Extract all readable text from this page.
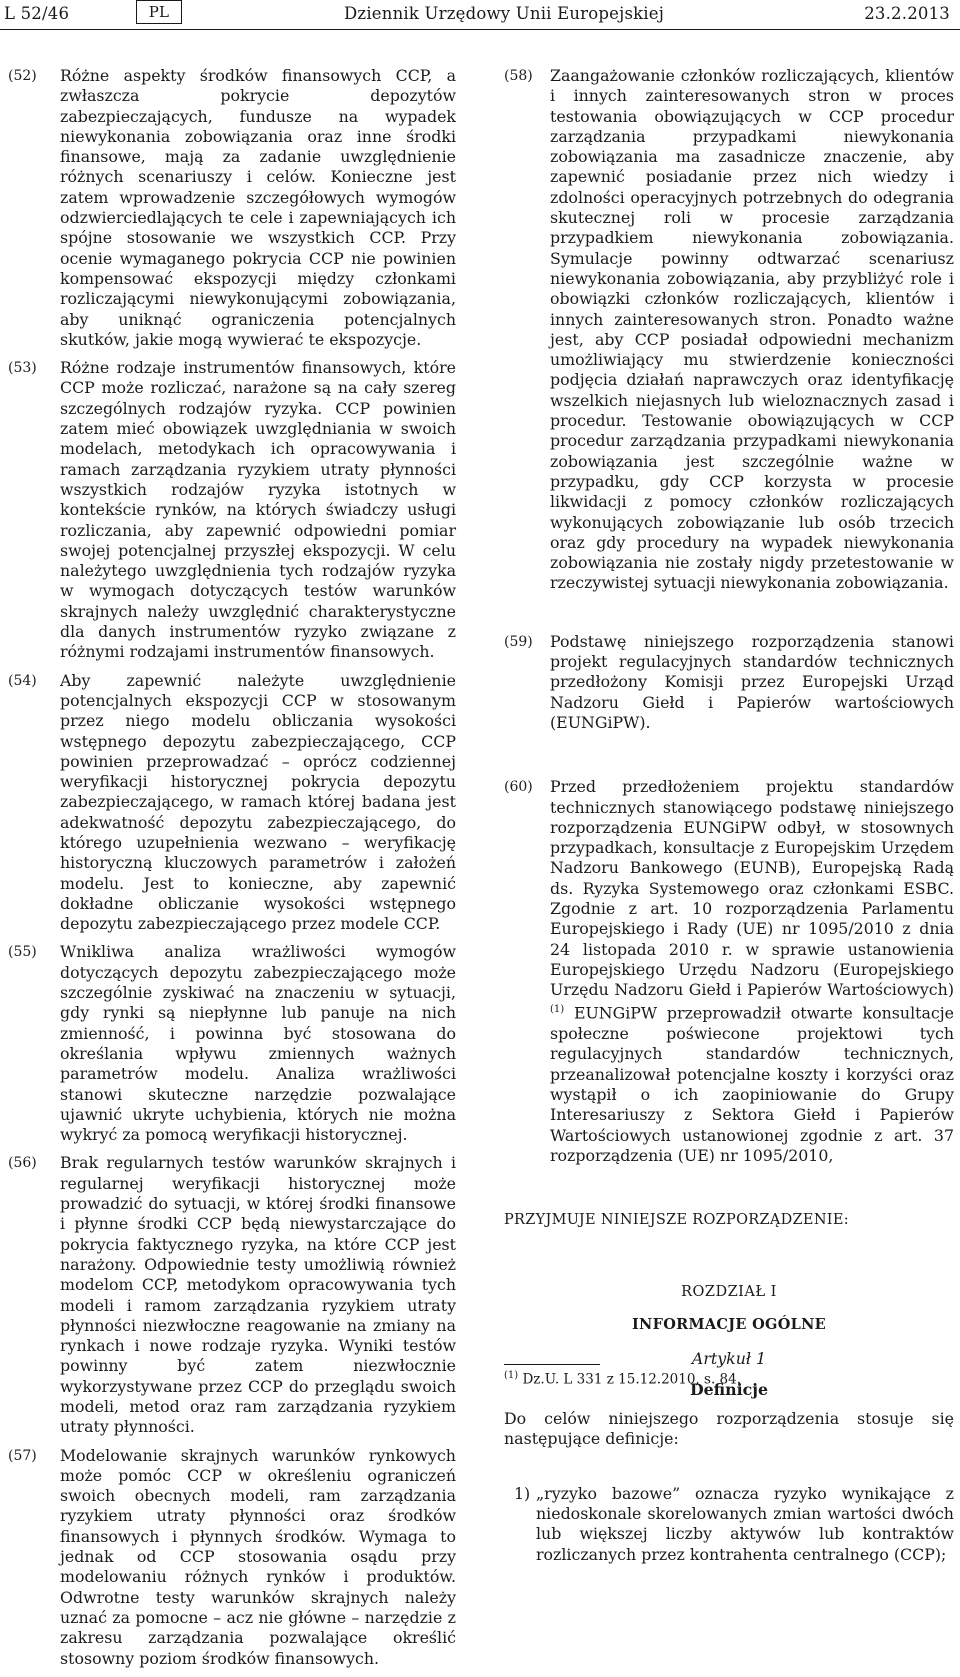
L 52/46	PL	Dziennik Urzędowy Unii Europejskiej	23.2.2013
(52) Różne aspekty środków finansowych CCP, a zwłaszcza pokrycie depozytów zabezpieczających, fundusze na wypadek niewykonania zobowiązania oraz inne środki finansowe, mają za zadanie uwzględnienie różnych scenariuszy i celów. Konieczne jest zatem wprowadzenie szczegółowych wymogów odzwierciedlających te cele i zapewniających ich spójne stosowanie we wszystkich CCP. Przy ocenie wymaganego pokrycia CCP nie powinien kompensować ekspozycji między członkami rozliczającymi niewykonującymi zobowiązania, aby uniknąć ograniczenia potencjalnych skutków, jakie mogą wywierać te ekspozycje.
(53) Różne rodzaje instrumentów finansowych, które CCP może rozliczać, narażone są na cały szereg szczególnych rodzajów ryzyka. CCP powinien zatem mieć obowiązek uwzględniania w swoich modelach, metodykach ich opracowywania i ramach zarządzania ryzykiem utraty płynności wszystkich rodzajów ryzyka istotnych w kontekście rynków, na których świadczy usługi rozliczania, aby zapewnić odpowiedni pomiar swojej potencjalnej przyszłej ekspozycji. W celu należytego uwzględnienia tych rodzajów ryzyka w wymogach dotyczących testów warunków skrajnych należy uwzględnić charakterystyczne dla danych instrumentów ryzyko związane z różnymi rodzajami instrumentów finansowych.
(54) Aby zapewnić należyte uwzględnienie potencjalnych ekspozycji CCP w stosowanym przez niego modelu obliczania wysokości wstępnego depozytu zabezpieczającego, CCP powinien przeprowadzać – oprócz codziennej weryfikacji historycznej pokrycia depozytu zabezpieczającego, w ramach której badana jest adekwatność depozytu zabezpieczającego, do którego uzupełnienia wezwano – weryfikację historyczną kluczowych parametrów i założeń modelu. Jest to konieczne, aby zapewnić dokładne obliczanie wysokości wstępnego depozytu zabezpieczającego przez modele CCP.
(55) Wnikliwa analiza wrażliwości wymogów dotyczących depozytu zabezpieczającego może szczególnie zyskiwać na znaczeniu w sytuacji, gdy rynki są niepłynne lub panuje na nich zmienność, i powinna być stosowana do określania wpływu zmiennych ważnych parametrów modelu. Analiza wrażliwości stanowi skuteczne narzędzie pozwalające ujawnić ukryte uchybienia, których nie można wykryć za pomocą weryfikacji historycznej.
(56) Brak regularnych testów warunków skrajnych i regularnej weryfikacji historycznej może prowadzić do sytuacji, w której środki finansowe i płynne środki CCP będą niewystarczające do pokrycia faktycznego ryzyka, na które CCP jest narażony. Odpowiednie testy umożliwią również modelom CCP, metodykom opracowywania tych modeli i ramom zarządzania ryzykiem utraty płynności niezwłoczne reagowanie na zmiany na rynkach i nowe rodzaje ryzyka. Wyniki testów powinny być zatem niezwłocznie wykorzystywane przez CCP do przeglądu swoich modeli, metod oraz ram zarządzania ryzykiem utraty płynności.
(57) Modelowanie skrajnych warunków rynkowych może pomóc CCP w określeniu ograniczeń swoich obecnych modeli, ram zarządzania ryzykiem utraty płynności oraz środków finansowych i płynnych środków. Wymaga to jednak od CCP stosowania osądu przy modelowaniu różnych rynków i produktów. Odwrotne testy warunków skrajnych należy uznać za pomocne – acz nie główne – narzędzie z zakresu zarządzania pozwalające określić stosowny poziom środków finansowych.
(58) Zaangażowanie członków rozliczających, klientów i innych zainteresowanych stron w proces testowania obowiązujących w CCP procedur zarządzania przypadkami niewykonania zobowiązania ma zasadnicze znaczenie, aby zapewnić posiadanie przez nich wiedzy i zdolności operacyjnych potrzebnych do odegrania skutecznej roli w procesie zarządzania przypadkiem niewykonania zobowiązania. Symulacje powinny odtwarzać scenariusz niewykonania zobowiązania, aby przybliżyć role i obowiązki członków rozliczających, klientów i innych zainteresowanych stron. Ponadto ważne jest, aby CCP posiadał odpowiedni mechanizm umożliwiający mu stwierdzenie konieczności podjęcia działań naprawczych oraz identyfikację wszelkich niejasnych lub wieloznacznych zasad i procedur. Testowanie obowiązujących w CCP procedur zarządzania przypadkami niewykonania zobowiązania jest szczególnie ważne w przypadku, gdy CCP korzysta w procesie likwidacji z pomocy członków rozliczających wykonujących zobowiązanie lub osób trzecich oraz gdy procedury na wypadek niewykonania zobowiązania nie zostały nigdy przetestowanie w rzeczywistej sytuacji niewykonania zobowiązania.
(59) Podstawę niniejszego rozporządzenia stanowi projekt regulacyjnych standardów technicznych przedłożony Komisji przez Europejski Urząd Nadzoru Giełd i Papierów wartościowych (EUNGiPW).
(60) Przed przedłożeniem projektu standardów technicznych stanowiącego podstawę niniejszego rozporządzenia EUNGiPW odbył, w stosownych przypadkach, konsultacje z Europejskim Urzędem Nadzoru Bankowego (EUNB), Europejską Radą ds. Ryzyka Systemowego oraz członkami ESBC. Zgodnie z art. 10 rozporządzenia Parlamentu Europejskiego i Rady (UE) nr 1095/2010 z dnia 24 listopada 2010 r. w sprawie ustanowienia Europejskiego Urzędu Nadzoru (Europejskiego Urzędu Nadzoru Giełd i Papierów Wartościowych) $^{(1)}$ EUNGiPW przeprowadził otwarte konsultacje społeczne poświecone projektowi tych regulacyjnych standardów technicznych, przeanalizował potencjalne koszty i korzyści oraz wystąpił o ich zaopiniowanie do Grupy Interesariuszy z Sektora Giełd i Papierów Wartościowych ustanowionej zgodnie z art. 37 rozporządzenia (UE) nr 1095/2010,
PRZYJMUJE NINIEJSZE ROZPORZĄDZENIE:
ROZDZIAŁ I
INFORMACJE OGÓLNE
Artykuł 1
Definicje
Do celów niniejszego rozporządzenia stosuje się następujące definicje:
1) „ryzyko bazowe” oznacza ryzyko wynikające z niedoskonale skorelowanych zmian wartości dwóch lub większej liczby aktywów lub kontraktów rozliczanych przez kontrahenta centralnego (CCP);
$^{(1)}$ Dz.U. L 331 z 15.12.2010, s. 84.
